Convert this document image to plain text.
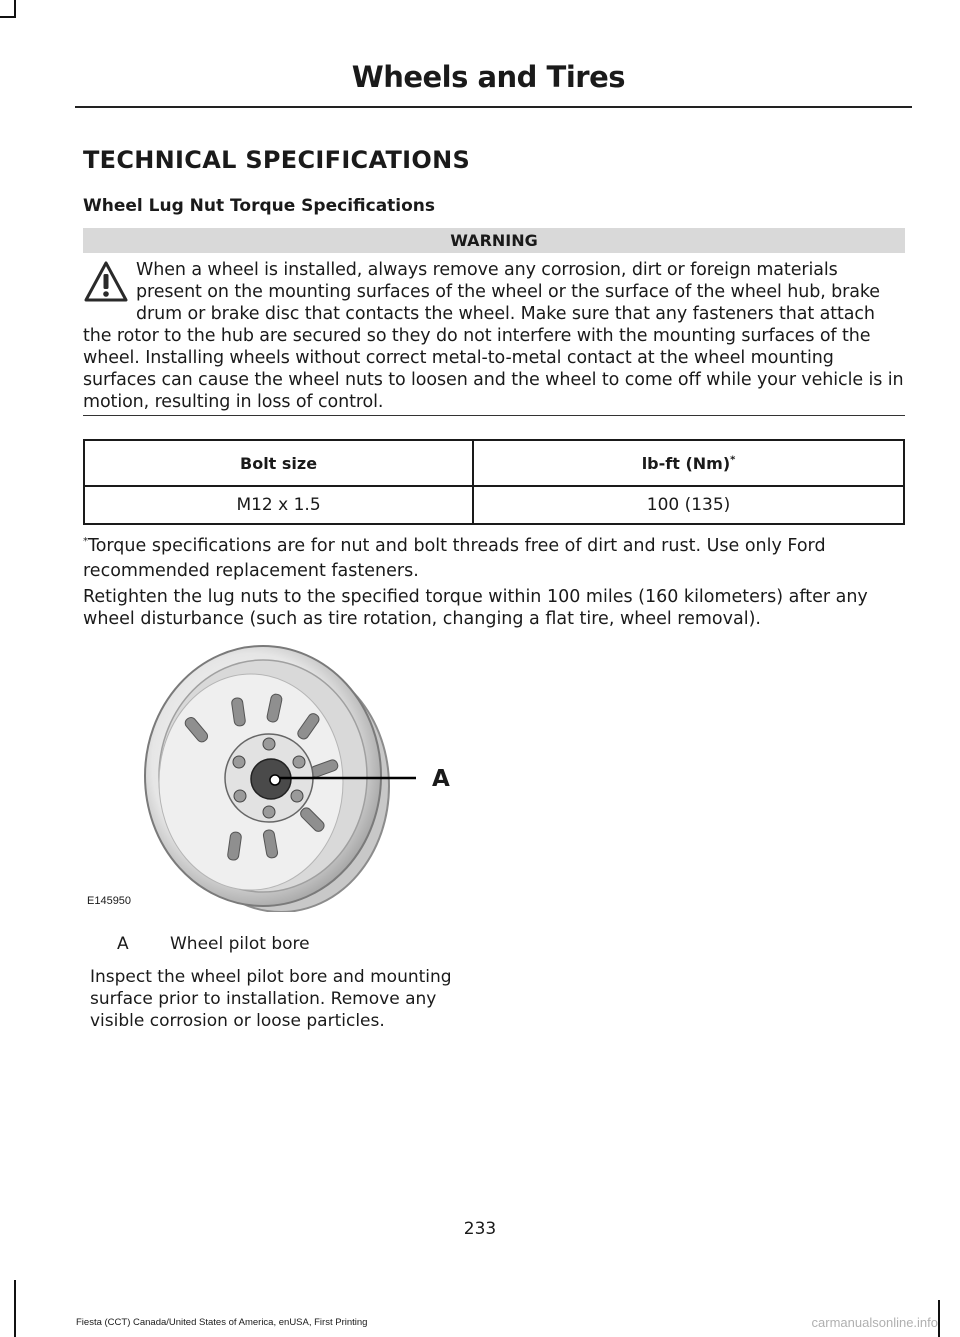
Wheels and Tires
TECHNICAL SPECIFICATIONS
Wheel Lug Nut Torque Specifications
WARNING

When a wheel is installed, always remove any corrosion, dirt or foreign materials present on the mounting surfaces of the wheel or the surface of the wheel hub, brake drum or brake disc that contacts the wheel. Make sure that any fasteners that attach the rotor to the hub are secured so they do not interfere with the mounting surfaces of the wheel. Installing wheels without correct metal-to-metal contact at the wheel mounting surfaces can cause the wheel nuts to loosen and the wheel to come off while your vehicle is in motion, resulting in loss of control.

Bolt size	lb-ft (Nm)*
M12 x 1.5	100 (135)

*Torque specifications are for nut and bolt threads free of dirt and rust. Use only Ford recommended replacement fasteners.

Retighten the lug nuts to the specified torque within 100 miles (160 kilometers) after any wheel disturbance (such as tire rotation, changing a flat tire, wheel removal).

A
E145950
A Wheel pilot bore

Inspect the wheel pilot bore and mounting surface prior to installation. Remove any visible corrosion or loose particles.

233
Fiesta (CCT) Canada/United States of America, enUSA, First Printing	carmanualsonline.info
